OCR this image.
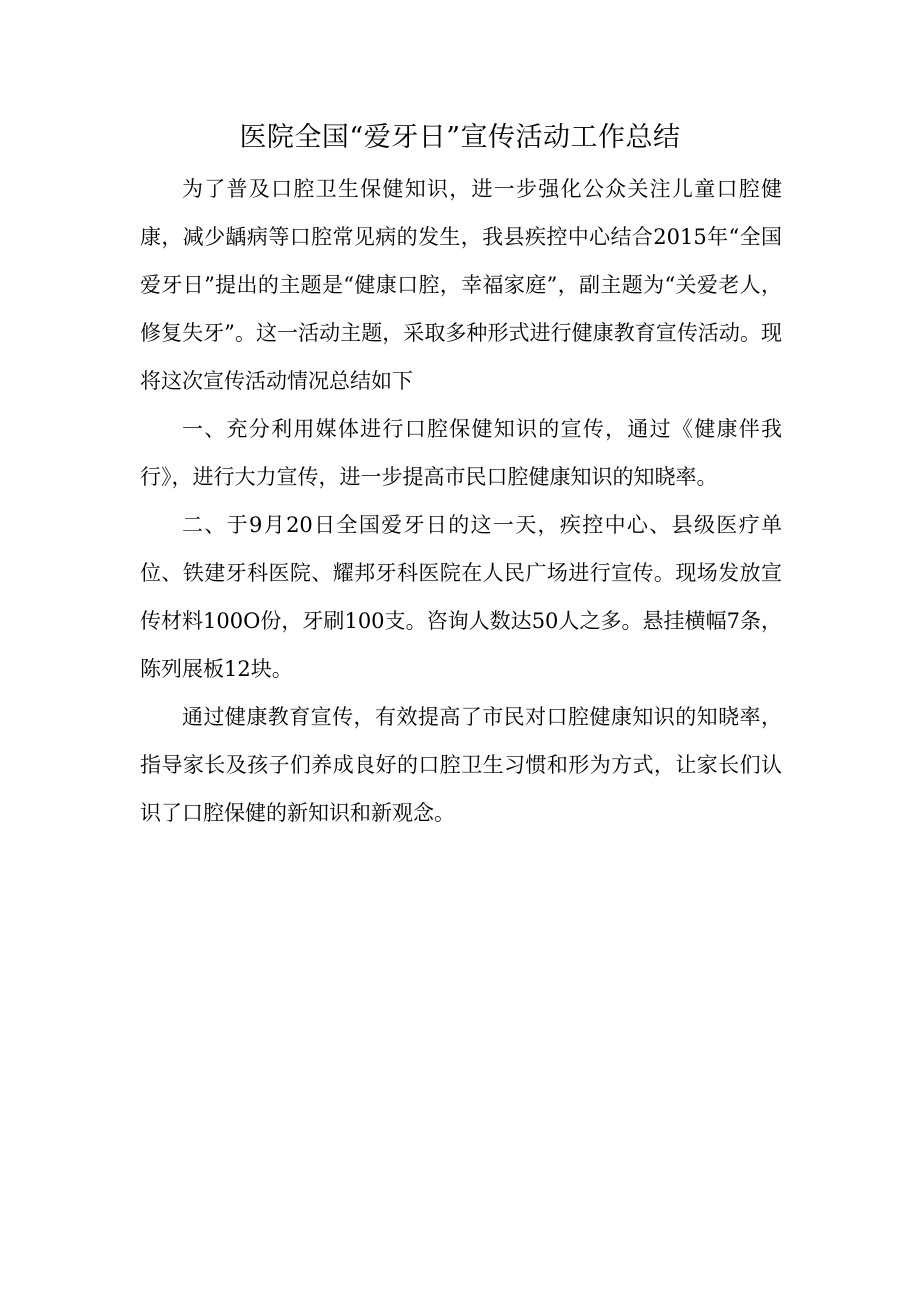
医院全国“爱牙日”宣传活动工作总结

为了普及口腔卫生保健知识，进一步强化公众关注儿童口腔健康，减少龋病等口腔常见病的发生，我县疾控中心结合2015年“全国爱牙日”提出的主题是“健康口腔，幸福家庭”，副主题为“关爱老人，修复失牙”。这一活动主题，采取多种形式进行健康教育宣传活动。现将这次宣传活动情况总结如下

一、充分利用媒体进行口腔保健知识的宣传，通过《健康伴我行》，进行大力宣传，进一步提高市民口腔健康知识的知晓率。

二、于9月20日全国爱牙日的这一天，疾控中心、县级医疗单位、铁建牙科医院、耀邦牙科医院在人民广场进行宣传。现场发放宣传材料100O份，牙刷100支。咨询人数达50人之多。悬挂横幅7条，陈列展板12块。

通过健康教育宣传，有效提高了市民对口腔健康知识的知晓率，指导家长及孩子们养成良好的口腔卫生习惯和形为方式，让家长们认识了口腔保健的新知识和新观念。
